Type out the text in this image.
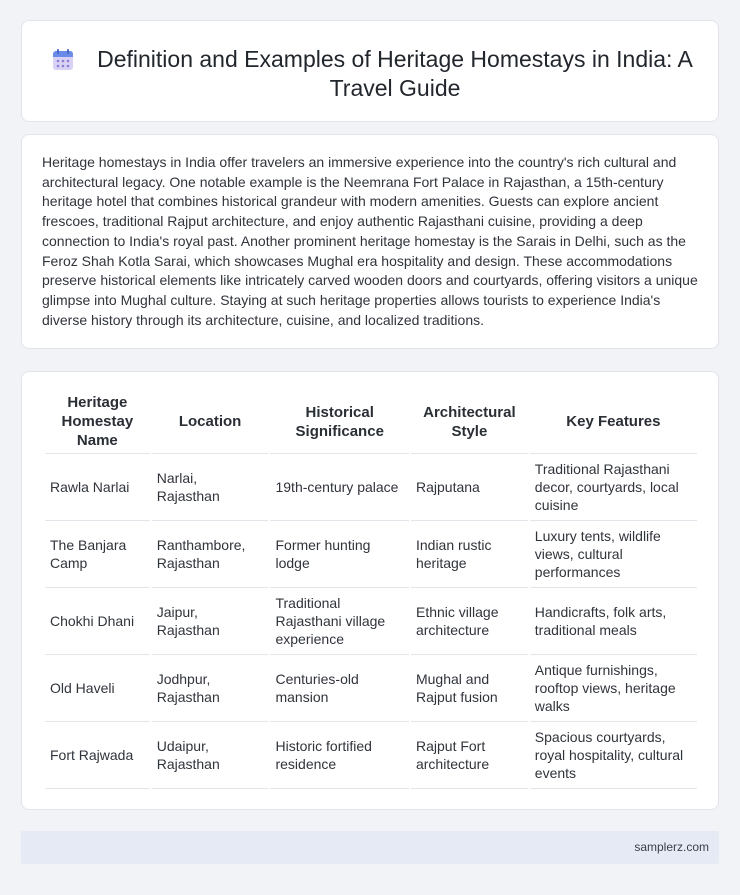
Definition and Examples of Heritage Homestays in India: A Travel Guide

Heritage homestays in India offer travelers an immersive experience into the country's rich cultural and architectural legacy. One notable example is the Neemrana Fort Palace in Rajasthan, a 15th-century heritage hotel that combines historical grandeur with modern amenities. Guests can explore ancient frescoes, traditional Rajput architecture, and enjoy authentic Rajasthani cuisine, providing a deep connection to India's royal past. Another prominent heritage homestay is the Sarais in Delhi, such as the Feroz Shah Kotla Sarai, which showcases Mughal era hospitality and design. These accommodations preserve historical elements like intricately carved wooden doors and courtyards, offering visitors a unique glimpse into Mughal culture. Staying at such heritage properties allows tourists to experience India's diverse history through its architecture, cuisine, and localized traditions.

Heritage Homestay Name	Location	Historical Significance	Architectural Style	Key Features
Rawla Narlai	Narlai, Rajasthan	19th-century palace	Rajputana	Traditional Rajasthani decor, courtyards, local cuisine
The Banjara Camp	Ranthambore, Rajasthan	Former hunting lodge	Indian rustic heritage	Luxury tents, wildlife views, cultural performances
Chokhi Dhani	Jaipur, Rajasthan	Traditional Rajasthani village experience	Ethnic village architecture	Handicrafts, folk arts, traditional meals
Old Haveli	Jodhpur, Rajasthan	Centuries-old mansion	Mughal and Rajput fusion	Antique furnishings, rooftop views, heritage walks
Fort Rajwada	Udaipur, Rajasthan	Historic fortified residence	Rajput Fort architecture	Spacious courtyards, royal hospitality, cultural events
samplerz.com
